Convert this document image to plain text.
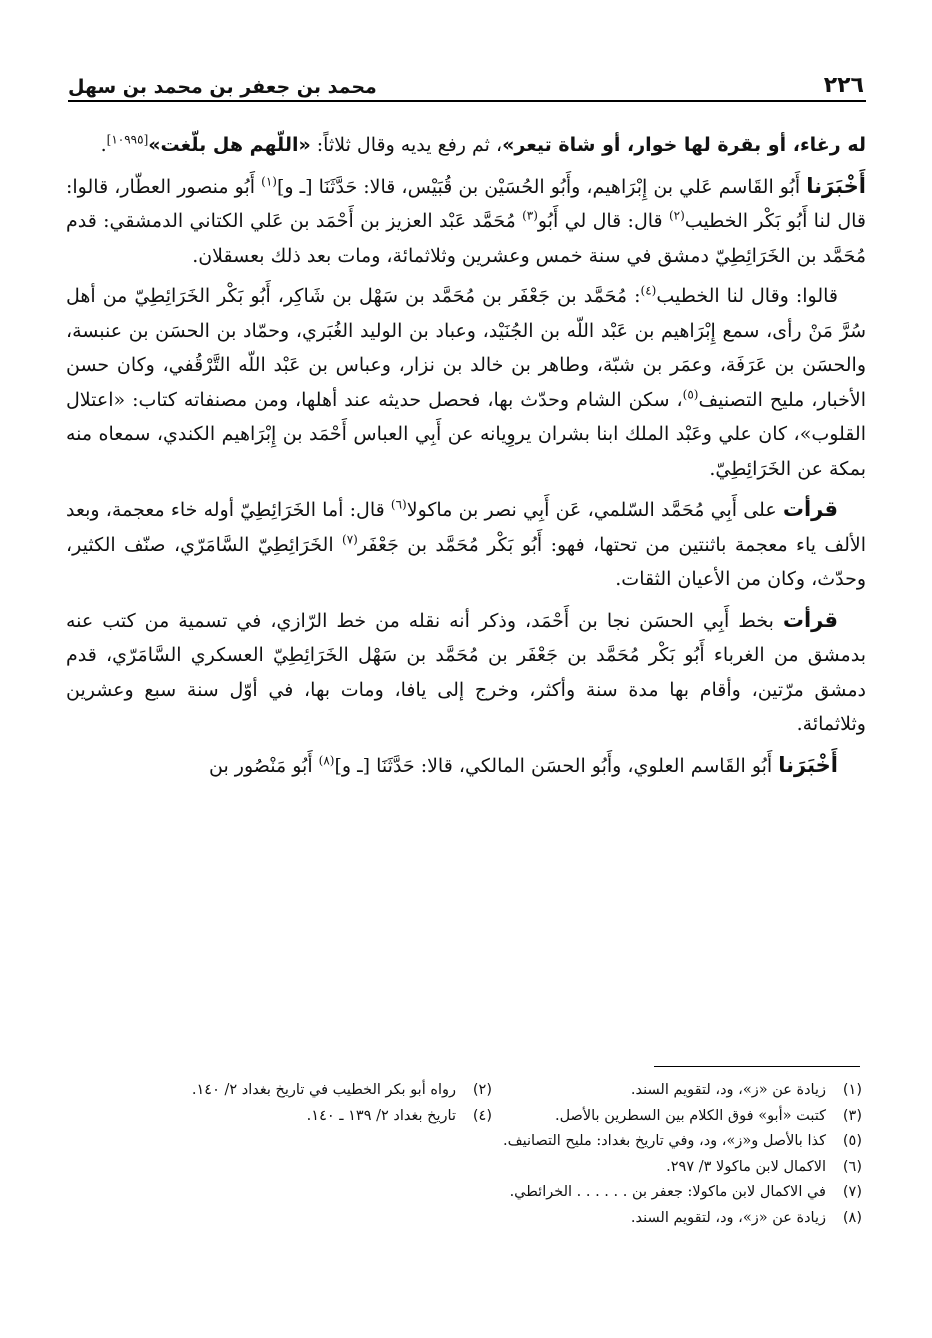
٢٢٦
محمد بن جعفر بن محمد بن سهل

له رغاء، أو بقرة لها خوار، أو شاة تيعر»، ثم رفع يديه وقال ثلاثاً: «اللّهم هل بلّغت»[١٠٩٩٥].

أَخْبَرَنا أَبُو القَاسم عَلي بن إِبْرَاهيم، وأَبُو الحُسَيْن بن قُبَيْس، قالا: حَدَّثَنَا [ـ و]$^{(١)}$ أَبُو منصور العطّار، قالوا: قال لنا أَبُو بَكْر الخطيب$^{(٢)}$ قال: قال لي أَبُو$^{(٣)}$ مُحَمَّد عَبْد العزيز بن أَحْمَد بن عَلي الكتاني الدمشقي: قدم مُحَمَّد بن الخَرَائِطِيّ دمشق في سنة خمس وعشرين وثلاثمائة، ومات بعد ذلك بعسقلان.

قالوا: وقال لنا الخطيب$^{(٤)}$: مُحَمَّد بن جَعْفَر بن مُحَمَّد بن سَهْل بن شَاكِر، أَبُو بَكْر الخَرَائِطِيّ من أهل سُرَّ مَنْ رأى، سمع إِبْرَاهيم بن عَبْد اللّه بن الجُنَيْد، وعباد بن الوليد الغُبَري، وحمّاد بن الحسَن بن عنبسة، والحسَن بن عَرَفَة، وعمَر بن شبّة، وطاهر بن خالد بن نزار، وعباس بن عَبْد اللّه التَّرْقُفي، وكان حسن الأخبار، مليح التصنيف$^{(٥)}$، سكن الشام وحدّث بها، فحصل حديثه عند أهلها، ومن مصنفاته كتاب: «اعتلال القلوب»، كان علي وعَبْد الملك ابنا بشران يروِيانه عن أَبِي العباس أَحْمَد بن إِبْرَاهيم الكندي، سمعاه منه بمكة عن الخَرَائِطِيّ.

قرأت على أَبِي مُحَمَّد السّلمي، عَن أَبِي نصر بن ماكولا$^{(٦)}$ قال: أما الخَرَائِطِيّ أوله خاء معجمة، وبعد الألف ياء معجمة باثنتين من تحتها، فهو: أَبُو بَكْر مُحَمَّد بن جَعْفَر$^{(٧)}$ الخَرَائِطِيّ السَّامَرّي، صنّف الكثير، وحدّث، وكان من الأعيان الثقات.

قرأت بخط أَبِي الحسَن نجا بن أَحْمَد، وذكر أنه نقله من خط الرّازي، في تسمية من كتب عنه بدمشق من الغرباء أَبُو بَكْر مُحَمَّد بن جَعْفَر بن مُحَمَّد بن سَهْل الخَرَائِطِيّ العسكري السَّامَرّي، قدم دمشق مرّتين، وأقام بها مدة سنة وأكثر، وخرج إلى يافا، ومات بها، في أوّل سنة سبع وعشرين وثلاثمائة.

أَخْبَرَنا أَبُو القَاسم العلوي، وأَبُو الحسَن المالكي، قالا: حَدَّثَنَا [ـ و]$^{(٨)}$ أَبُو مَنْصُور بن

(١)
زيادة عن «ز»، ود، لتقويم السند.
(٢)
رواه أبو بكر الخطيب في تاريخ بغداد ٢/ ١٤٠.
(٣)
كتبت «أبو» فوق الكلام بين السطرين بالأصل.
(٤)
تاريخ بغداد ٢/ ١٣٩ ـ ١٤٠.
(٥)
كذا بالأصل و«ز»، ود، وفي تاريخ بغداد: مليح التصانيف.
(٦)
الاكمال لابن ماكولا ٣/ ٢٩٧.
(٧)
في الاكمال لابن ماكولا: جعفر بن . . . . . . الخرائطي.
(٨)
زيادة عن «ز»، ود، لتقويم السند.
